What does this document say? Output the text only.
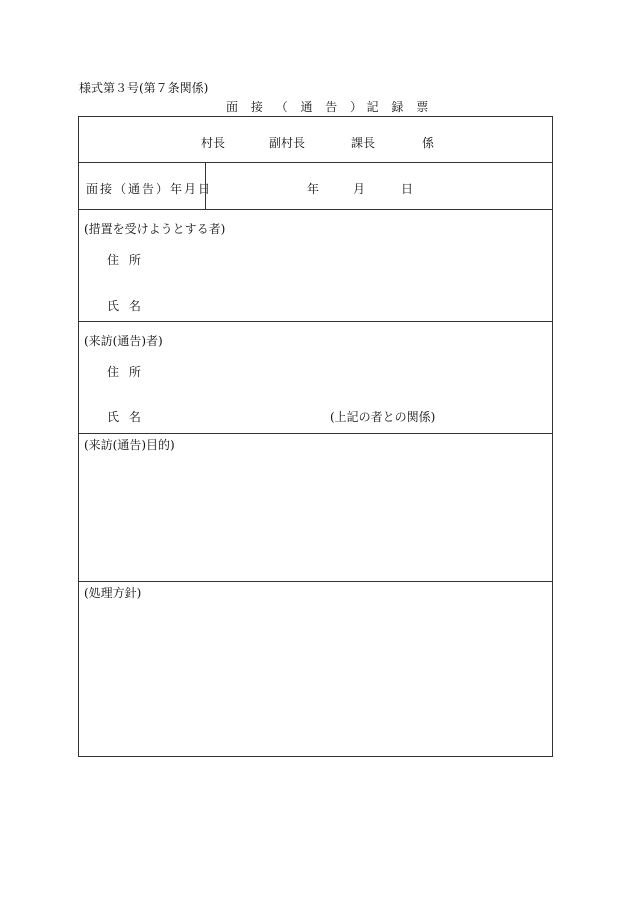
様式第３号(第７条関係)
面 接 （ 通 告 ）記 録 票
村長	副村長	課長	係
面接（通告）年月日	年	月	日
(措置を受けようとする者)
住 所
氏 名
(来訪(通告)者)
住 所
氏 名	(上記の者との関係)
(来訪(通告)目的)
(処理方針)
